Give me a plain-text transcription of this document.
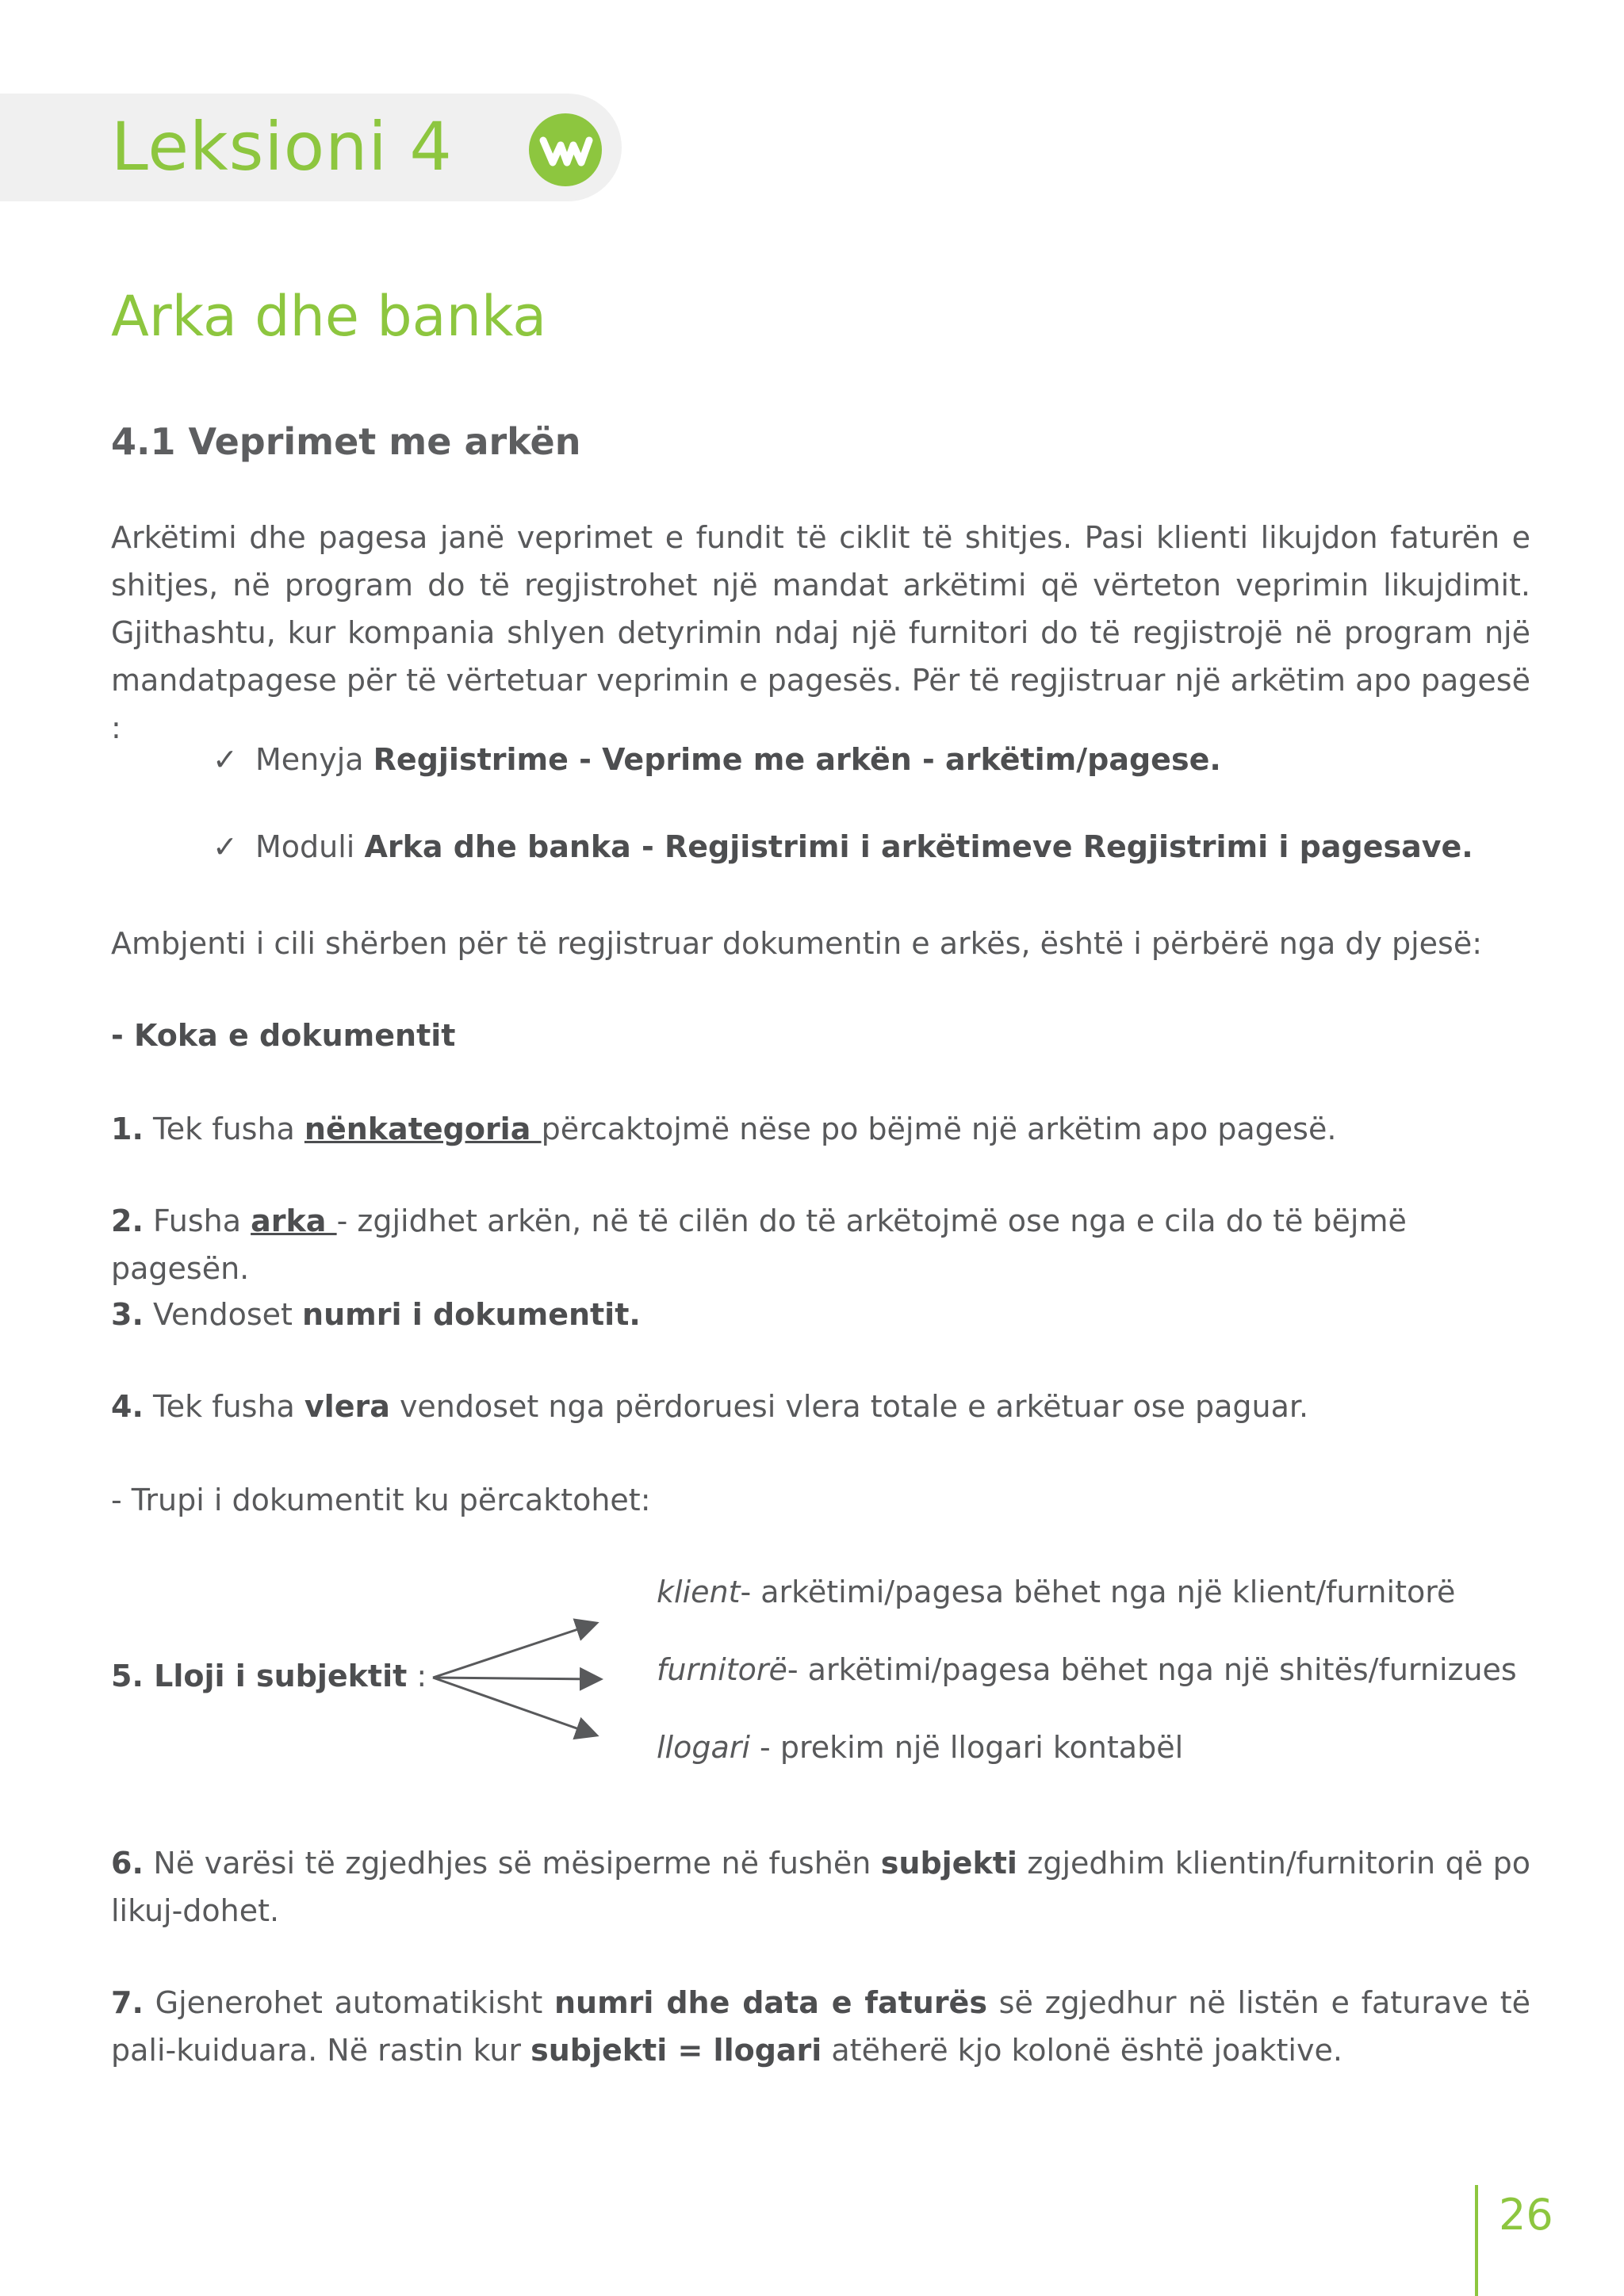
Leksioni 4
Arka dhe banka
4.1 Veprimet me arkën
Arkëtimi dhe pagesa janë veprimet e fundit të ciklit të shitjes. Pasi klienti likujdon faturën e shitjes, në program do të regjistrohet një mandat arkëtimi që vërteton veprimin likujdimit. Gjithashtu, kur kompania shlyen detyrimin ndaj një furnitori do të regjistrojë në program një mandatpagese për të vërtetuar veprimin e pagesës. Për të regjistruar një arkëtim apo pagesë :
✓ Menyja Regjistrime - Veprime me arkën - arkëtim/pagese.
✓ Moduli Arka dhe banka - Regjistrimi i arkëtimeve Regjistrimi i pagesave.
Ambjenti i cili shërben për të regjistruar dokumentin e arkës, është i përbërë nga dy pjesë:
- Koka e dokumentit
1. Tek fusha nënkategoria përcaktojmë nëse po bëjmë një arkëtim apo pagesë.
2. Fusha arka - zgjidhet arkën, në të cilën do të arkëtojmë ose nga e cila do të bëjmë pagesën.
3. Vendoset numri i dokumentit.
4. Tek fusha vlera vendoset nga përdoruesi vlera totale e arkëtuar ose paguar.
- Trupi i dokumentit ku përcaktohet:
5. Lloji i subjektit :
klient- arkëtimi/pagesa bëhet nga një klient/furnitorë
furnitorë- arkëtimi/pagesa bëhet nga një shitës/furnizues
llogari - prekim një llogari kontabël
6. Në varësi të zgjedhjes së mësiperme në fushën subjekti zgjedhim klientin/furnitorin që po likuj-dohet.
7. Gjenerohet automatikisht numri dhe data e faturës së zgjedhur në listën e faturave të pali-kuiduara. Në rastin kur subjekti = llogari atëherë kjo kolonë është joaktive.
26
